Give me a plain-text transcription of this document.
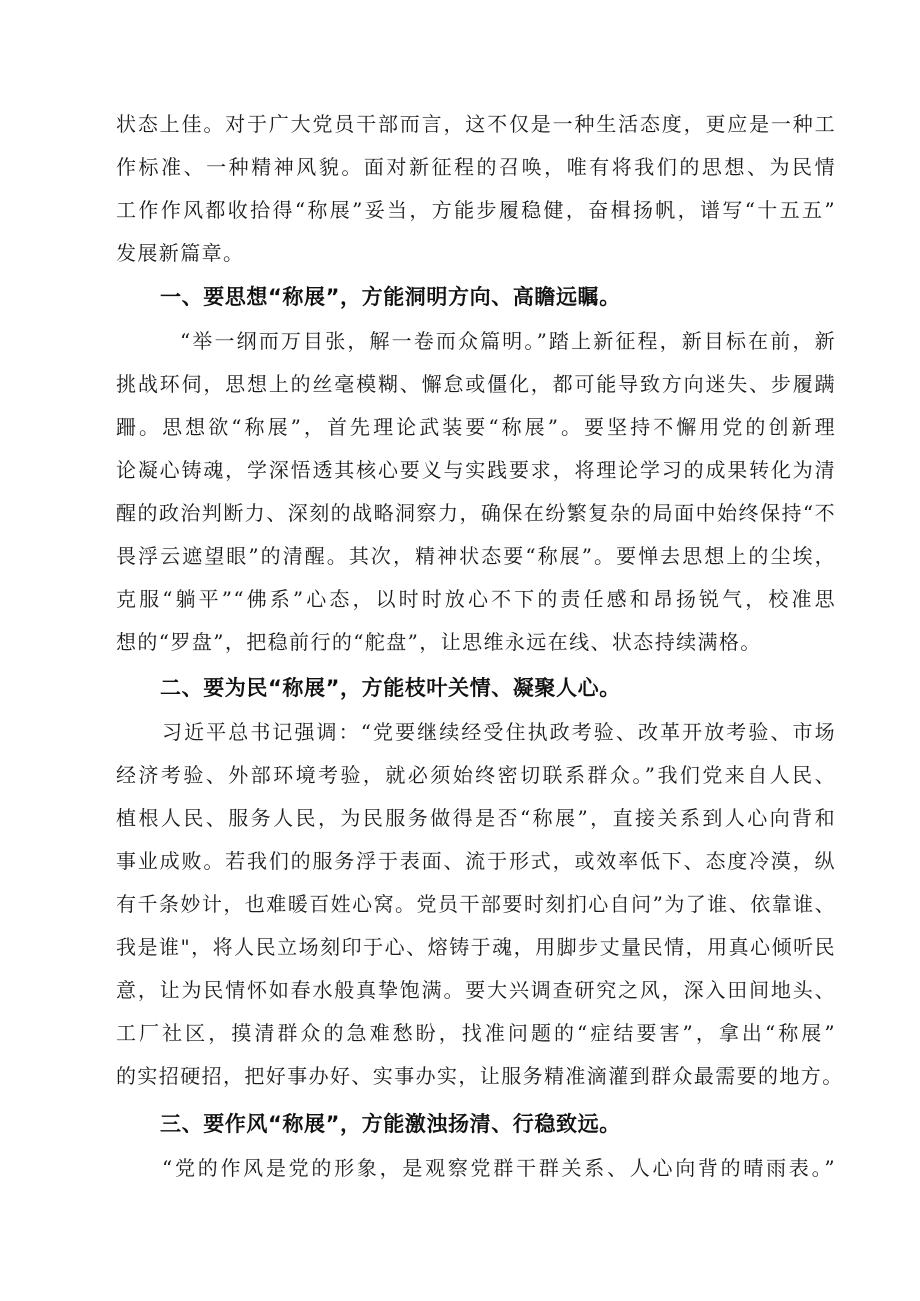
状态上佳。对于广大党员干部而言，这不仅是一种生活态度，更应是一种工
作标准、一种精神风貌。面对新征程的召唤，唯有将我们的思想、为民情
工作作风都收拾得“称展”妥当，方能步履稳健，奋楫扬帆，谱写“十五五”
发展新篇章。
一、要思想“称展”，方能洞明方向、高瞻远瞩。
“举一纲而万目张，解一卷而众篇明。”踏上新征程，新目标在前，新
挑战环伺，思想上的丝毫模糊、懈怠或僵化，都可能导致方向迷失、步履蹒
跚。思想欲“称展”，首先理论武装要“称展”。要坚持不懈用党的创新理
论凝心铸魂，学深悟透其核心要义与实践要求，将理论学习的成果转化为清
醒的政治判断力、深刻的战略洞察力，确保在纷繁复杂的局面中始终保持“不
畏浮云遮望眼”的清醒。其次，精神状态要“称展”。要惮去思想上的尘埃，
克服“躺平”“佛系”心态，以时时放心不下的责任感和昂扬锐气，校准思
想的“罗盘”，把稳前行的“舵盘”，让思维永远在线、状态持续满格。
二、要为民“称展”，方能枝叶关情、凝聚人心。
习近平总书记强调：“党要继续经受住执政考验、改革开放考验、市场
经济考验、外部环境考验，就必须始终密切联系群众。”我们党来自人民、
植根人民、服务人民，为民服务做得是否“称展”，直接关系到人心向背和
事业成败。若我们的服务浮于表面、流于形式，或效率低下、态度冷漠，纵
有千条妙计，也难暖百姓心窝。党员干部要时刻扪心自问”为了谁、依靠谁、
我是谁"，将人民立场刻印于心、熔铸于魂，用脚步丈量民情，用真心倾听民
意，让为民情怀如春水般真挚饱满。要大兴调查研究之风，深入田间地头、
工厂社区，摸清群众的急难愁盼，找准问题的“症结要害”，拿出“称展”
的实招硬招，把好事办好、实事办实，让服务精准滴灌到群众最需要的地方。
三、要作风“称展”，方能激浊扬清、行稳致远。
“党的作风是党的形象，是观察党群干群关系、人心向背的晴雨表。”
